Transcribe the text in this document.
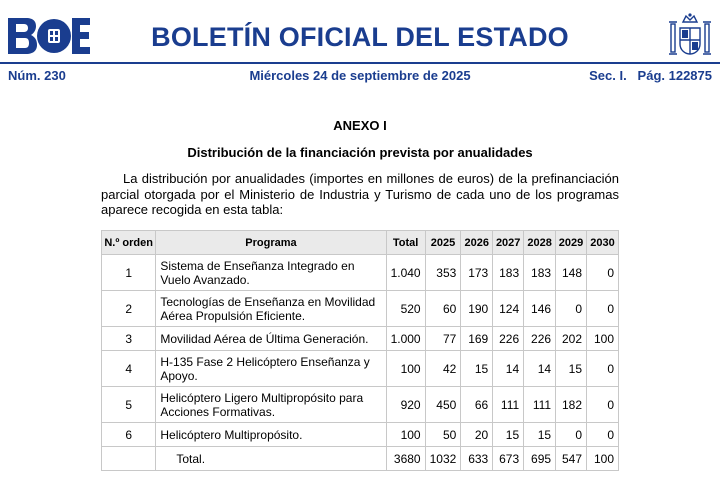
BOLETÍN OFICIAL DEL ESTADO
Núm. 230	Miércoles 24 de septiembre de 2025	Sec. I.   Pág. 122875
ANEXO I
Distribución de la financiación prevista por anualidades

La distribución por anualidades (importes en millones de euros) de la prefinanciación parcial otorgada por el Ministerio de Industria y Turismo de cada uno de los programas aparece recogida en esta tabla:

N.º orden	Programa	Total	2025	2026	2027	2028	2029	2030
1	Sistema de Enseñanza Integrado en Vuelo Avanzado.	1.040	353	173	183	183	148	0
2	Tecnologías de Enseñanza en Movilidad Aérea Propulsión Eficiente.	520	60	190	124	146	0	0
3	Movilidad Aérea de Última Generación.	1.000	77	169	226	226	202	100
4	H-135 Fase 2 Helicóptero Enseñanza y Apoyo.	100	42	15	14	14	15	0
5	Helicóptero Ligero Multipropósito para Acciones Formativas.	920	450	66	111	111	182	0
6	Helicóptero Multipropósito.	100	50	20	15	15	0	0
	Total.	3680	1032	633	673	695	547	100
